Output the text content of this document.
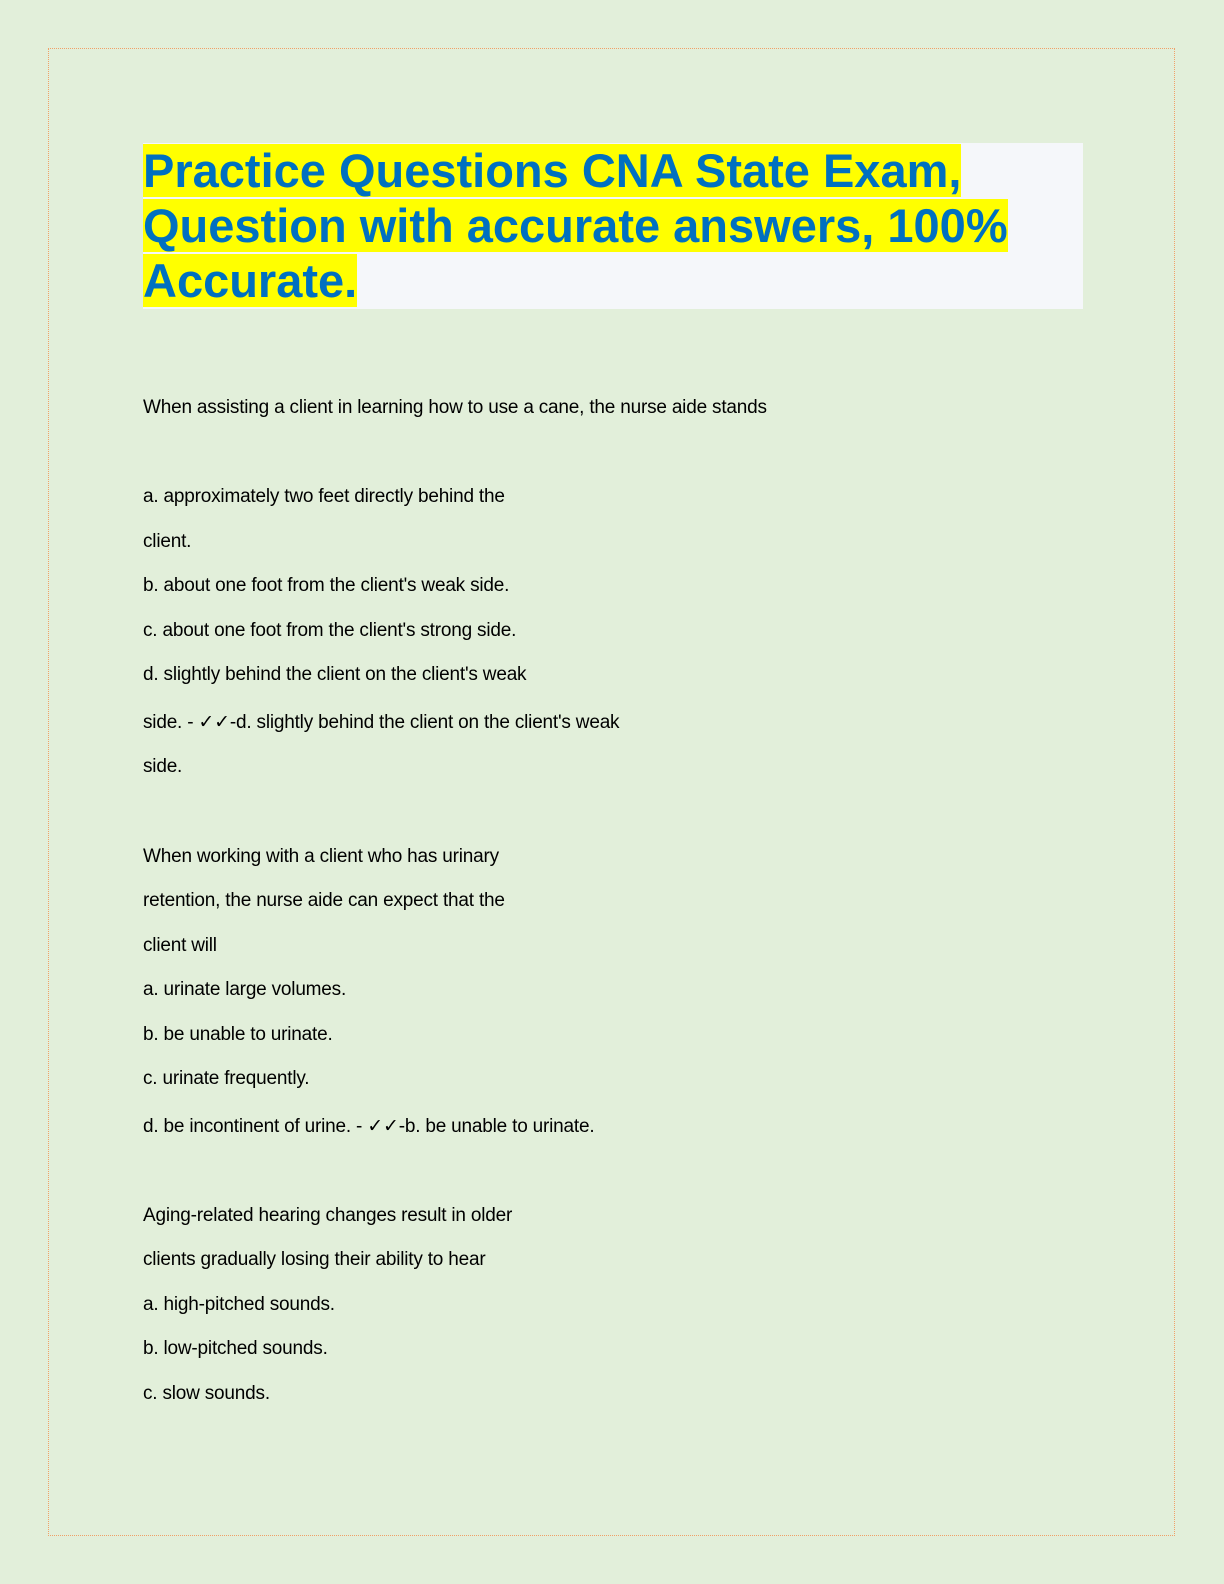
Practice Questions CNA State Exam,
Question with accurate answers, 100%
Accurate.
When assisting a client in learning how to use a cane, the nurse aide stands
a. approximately two feet directly behind the
client.
b. about one foot from the client's weak side.
c. about one foot from the client's strong side.
d. slightly behind the client on the client's weak
side. - ✓✓-d. slightly behind the client on the client's weak
side.
When working with a client who has urinary
retention, the nurse aide can expect that the
client will
a. urinate large volumes.
b. be unable to urinate.
c. urinate frequently.
d. be incontinent of urine. - ✓✓-b. be unable to urinate.
Aging-related hearing changes result in older
clients gradually losing their ability to hear
a. high-pitched sounds.
b. low-pitched sounds.
c. slow sounds.
